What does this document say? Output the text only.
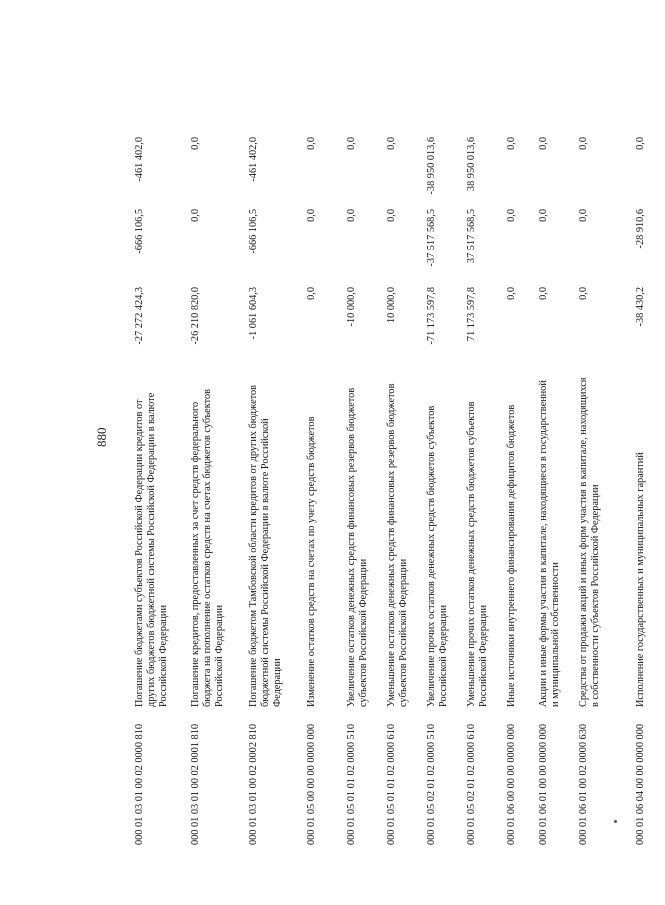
880
000 01 03 01 00 02 0000 810	Погашение бюджетами субъектов Российской Федерации кредитов от других бюджетов бюджетной системы Российской Федерации в валюте Российской Федерации	-27 272 424,3	-666 106,5	-461 402,0
000 01 03 01 00 02 0001 810	Погашение кредитов, предоставленных за счет средств федерального бюджета на пополнение остатков средств на счетах бюджетов субъектов Российской Федерации	-26 210 820,0	0,0	0,0
000 01 03 01 00 02 0002 810	Погашение бюджетом Тамбовской области кредитов от других бюджетов бюджетной системы Российской Федерации в валюте Российской Федерации	-1 061 604,3	-666 106,5	-461 402,0
000 01 05 00 00 00 0000 000	Изменение остатков средств на счетах по учету средств бюджетов	0,0	0,0	0,0
000 01 05 01 01 02 0000 510	Увеличение остатков денежных средств финансовых резервов бюджетов субъектов Российской Федерации	-10 000,0	0,0	0,0
000 01 05 01 01 02 0000 610	Уменьшение остатков денежных средств финансовых резервов бюджетов субъектов Российской Федерации	10 000,0	0,0	0,0
000 01 05 02 01 02 0000 510	Увеличение прочих остатков денежных средств бюджетов субъектов Российской Федерации	-71 173 597,8	-37 517 568,5	-38 950 013,6
000 01 05 02 01 02 0000 610	Уменьшение прочих остатков денежных средств бюджетов субъектов Российской Федерации	71 173 597,8	37 517 568,5	38 950 013,6
000 01 06 00 00 00 0000 000	Иные источники внутреннего финансирования дефицитов бюджетов	0,0	0,0	0,0
000 01 06 01 00 00 0000 000	Акции и иные формы участия в капитале, находящиеся в государственной и муниципальной собственности	0,0	0,0	0,0
000 01 06 01 00 02 0000 630	Средства от продажи акций и иных форм участия в капитале, находящихся в собственности субъектов Российской Федерации	0,0	0,0	0,0
000 01 06 04 00 00 0000 000	Исполнение государственных и муниципальных гарантий	-38 430,2	-28 910,6	0,0
